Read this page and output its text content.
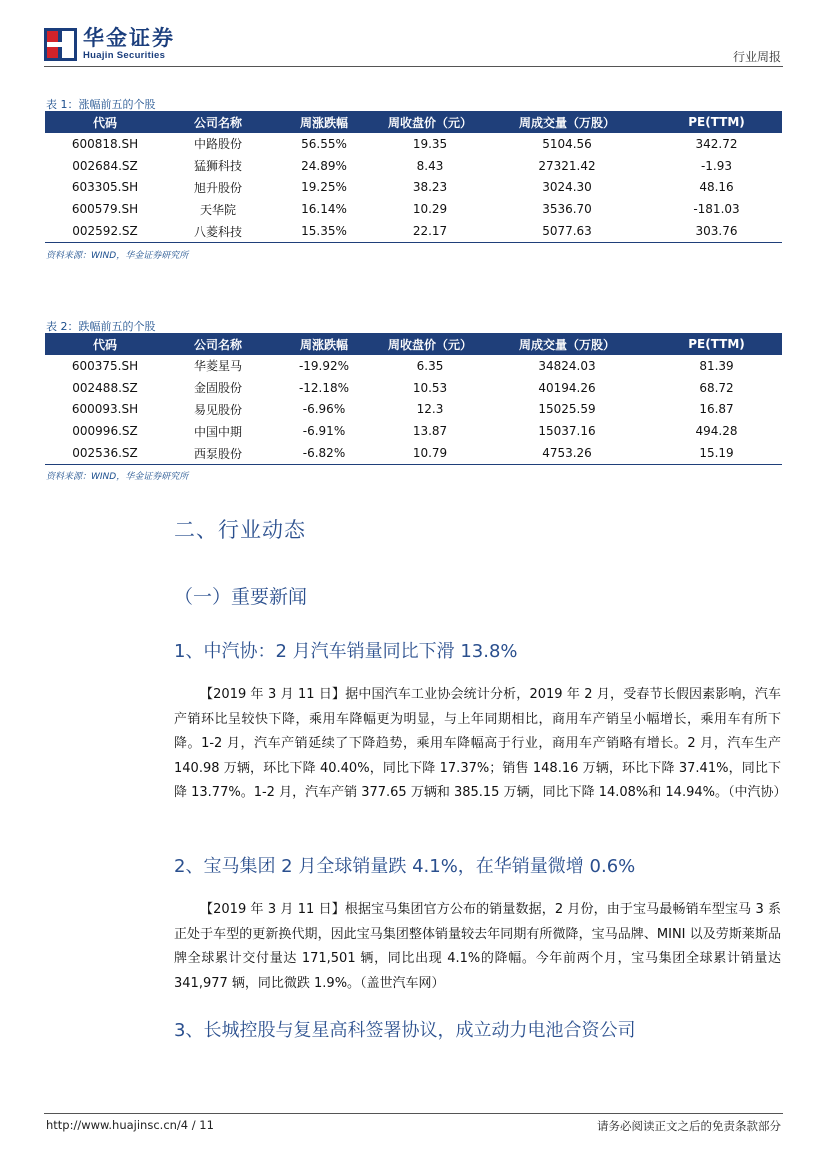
华金证券
Huajin Securities	行业周报
表 1：涨幅前五的个股
代码	公司名称	周涨跌幅	周收盘价（元）	周成交量（万股）	PE(TTM)
600818.SH	中路股份	56.55%	19.35	5104.56	342.72
002684.SZ	猛狮科技	24.89%	8.43	27321.42	-1.93
603305.SH	旭升股份	19.25%	38.23	3024.30	48.16
600579.SH	天华院	16.14%	10.29	3536.70	-181.03
002592.SZ	八菱科技	15.35%	22.17	5077.63	303.76
资料来源：WIND，华金证券研究所
表 2：跌幅前五的个股
代码	公司名称	周涨跌幅	周收盘价（元）	周成交量（万股）	PE(TTM)
600375.SH	华菱星马	-19.92%	6.35	34824.03	81.39
002488.SZ	金固股份	-12.18%	10.53	40194.26	68.72
600093.SH	易见股份	-6.96%	12.3	15025.59	16.87
000996.SZ	中国中期	-6.91%	13.87	15037.16	494.28
002536.SZ	西泵股份	-6.82%	10.79	4753.26	15.19
资料来源：WIND，华金证券研究所
二、行业动态
（一）重要新闻
1、中汽协：2 月汽车销量同比下滑 13.8%
【2019 年 3 月 11 日】据中国汽车工业协会统计分析，2019 年 2 月，受春节长假因素影响，汽车产销环比呈较快下降，乘用车降幅更为明显，与上年同期相比，商用车产销呈小幅增长，乘用车有所下降。1-2 月，汽车产销延续了下降趋势，乘用车降幅高于行业，商用车产销略有增长。2 月，汽车生产 140.98 万辆，环比下降 40.40%，同比下降 17.37%；销售 148.16 万辆，环比下降 37.41%，同比下降 13.77%。1-2 月，汽车产销 377.65 万辆和 385.15 万辆，同比下降 14.08%和 14.94%。（中汽协）
2、宝马集团 2 月全球销量跌 4.1%，在华销量微增 0.6%
【2019 年 3 月 11 日】根据宝马集团官方公布的销量数据，2 月份，由于宝马最畅销车型宝马 3 系正处于车型的更新换代期，因此宝马集团整体销量较去年同期有所微降，宝马品牌、MINI 以及劳斯莱斯品牌全球累计交付量达 171,501 辆，同比出现 4.1%的降幅。今年前两个月，宝马集团全球累计销量达 341,977 辆，同比微跌 1.9%。（盖世汽车网）
3、长城控股与复星高科签署协议，成立动力电池合资公司
http://www.huajinsc.cn/4 / 11	请务必阅读正文之后的免责条款部分
